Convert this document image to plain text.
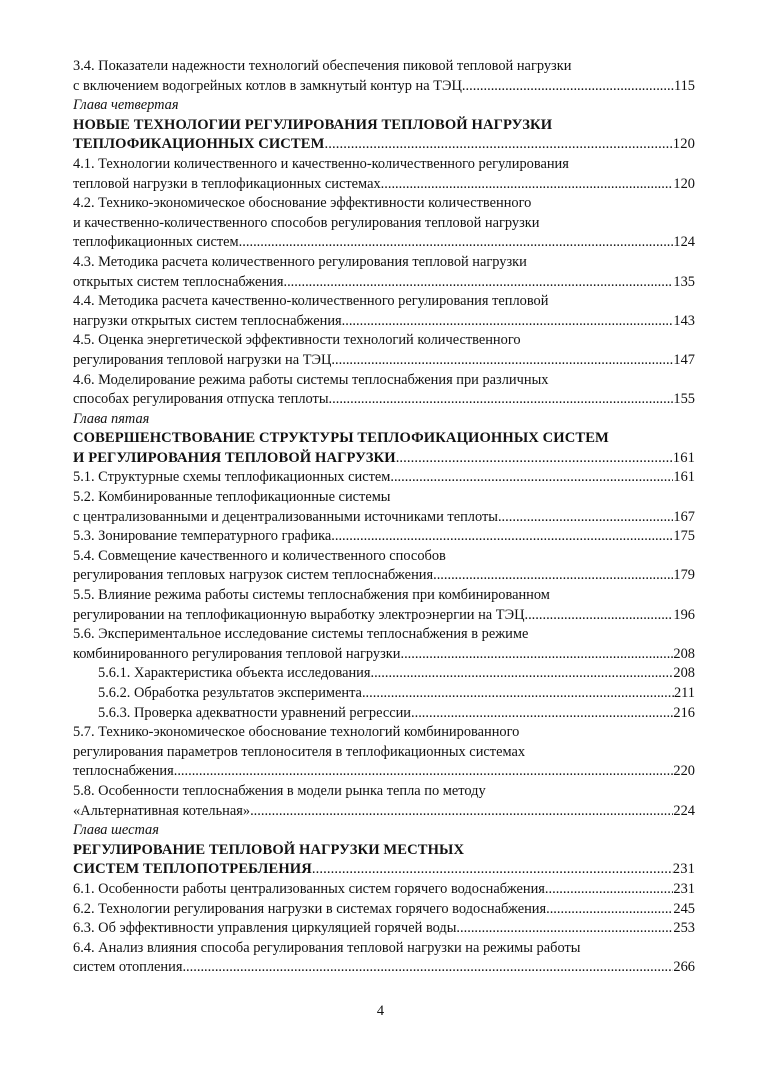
3.4. Показатели надежности технологий обеспечения пиковой тепловой нагрузки
с включением водогрейных котлов в замкнутый контур на ТЭЦ .....	115
Глава четвертая
НОВЫЕ ТЕХНОЛОГИИ РЕГУЛИРОВАНИЯ ТЕПЛОВОЙ НАГРУЗКИ
ТЕПЛОФИКАЦИОННЫХ СИСТЕМ .....	120
4.1. Технологии количественного и качественно-количественного регулирования
тепловой нагрузки в теплофикационных системах .....	120
4.2. Технико-экономическое обоснование эффективности количественного
и качественно-количественного способов регулирования тепловой нагрузки
теплофикационных систем .....	124
4.3. Методика расчета количественного регулирования тепловой нагрузки
открытых систем теплоснабжения .....	135
4.4. Методика расчета качественно-количественного регулирования тепловой
нагрузки открытых систем теплоснабжения .....	143
4.5. Оценка энергетической эффективности технологий количественного
регулирования тепловой нагрузки на ТЭЦ .....	147
4.6. Моделирование режима работы системы теплоснабжения при различных
способах регулирования отпуска теплоты .....	155
Глава пятая
СОВЕРШЕНСТВОВАНИЕ СТРУКТУРЫ ТЕПЛОФИКАЦИОННЫХ СИСТЕМ
И РЕГУЛИРОВАНИЯ ТЕПЛОВОЙ НАГРУЗКИ .....	161
5.1. Структурные схемы теплофикационных систем .....	161
5.2. Комбинированные теплофикационные системы
с централизованными и децентрализованными источниками теплоты .....	167
5.3. Зонирование температурного графика .....	175
5.4. Совмещение качественного и количественного способов
регулирования тепловых нагрузок систем теплоснабжения .....	179
5.5. Влияние режима работы системы теплоснабжения при комбинированном
регулировании на теплофикационную выработку электроэнергии на ТЭЦ .....	196
5.6. Экспериментальное исследование системы теплоснабжения в режиме
комбинированного регулирования тепловой нагрузки .....	208
5.6.1. Характеристика объекта исследования .....	208
5.6.2. Обработка результатов эксперимента .....	211
5.6.3. Проверка адекватности уравнений регрессии .....	216
5.7. Технико-экономическое обоснование технологий комбинированного
регулирования параметров теплоносителя в теплофикационных системах
теплоснабжения .....	220
5.8. Особенности теплоснабжения в модели рынка тепла по методу
«Альтернативная котельная» .....	224
Глава шестая
РЕГУЛИРОВАНИЕ ТЕПЛОВОЙ НАГРУЗКИ МЕСТНЫХ
СИСТЕМ ТЕПЛОПОТРЕБЛЕНИЯ .....	231
6.1. Особенности работы централизованных систем горячего водоснабжения .....	231
6.2. Технологии регулирования нагрузки в системах горячего водоснабжения .....	245
6.3. Об эффективности управления циркуляцией горячей воды .....	253
6.4. Анализ влияния способа регулирования тепловой нагрузки на режимы работы
систем отопления .....	266
4
